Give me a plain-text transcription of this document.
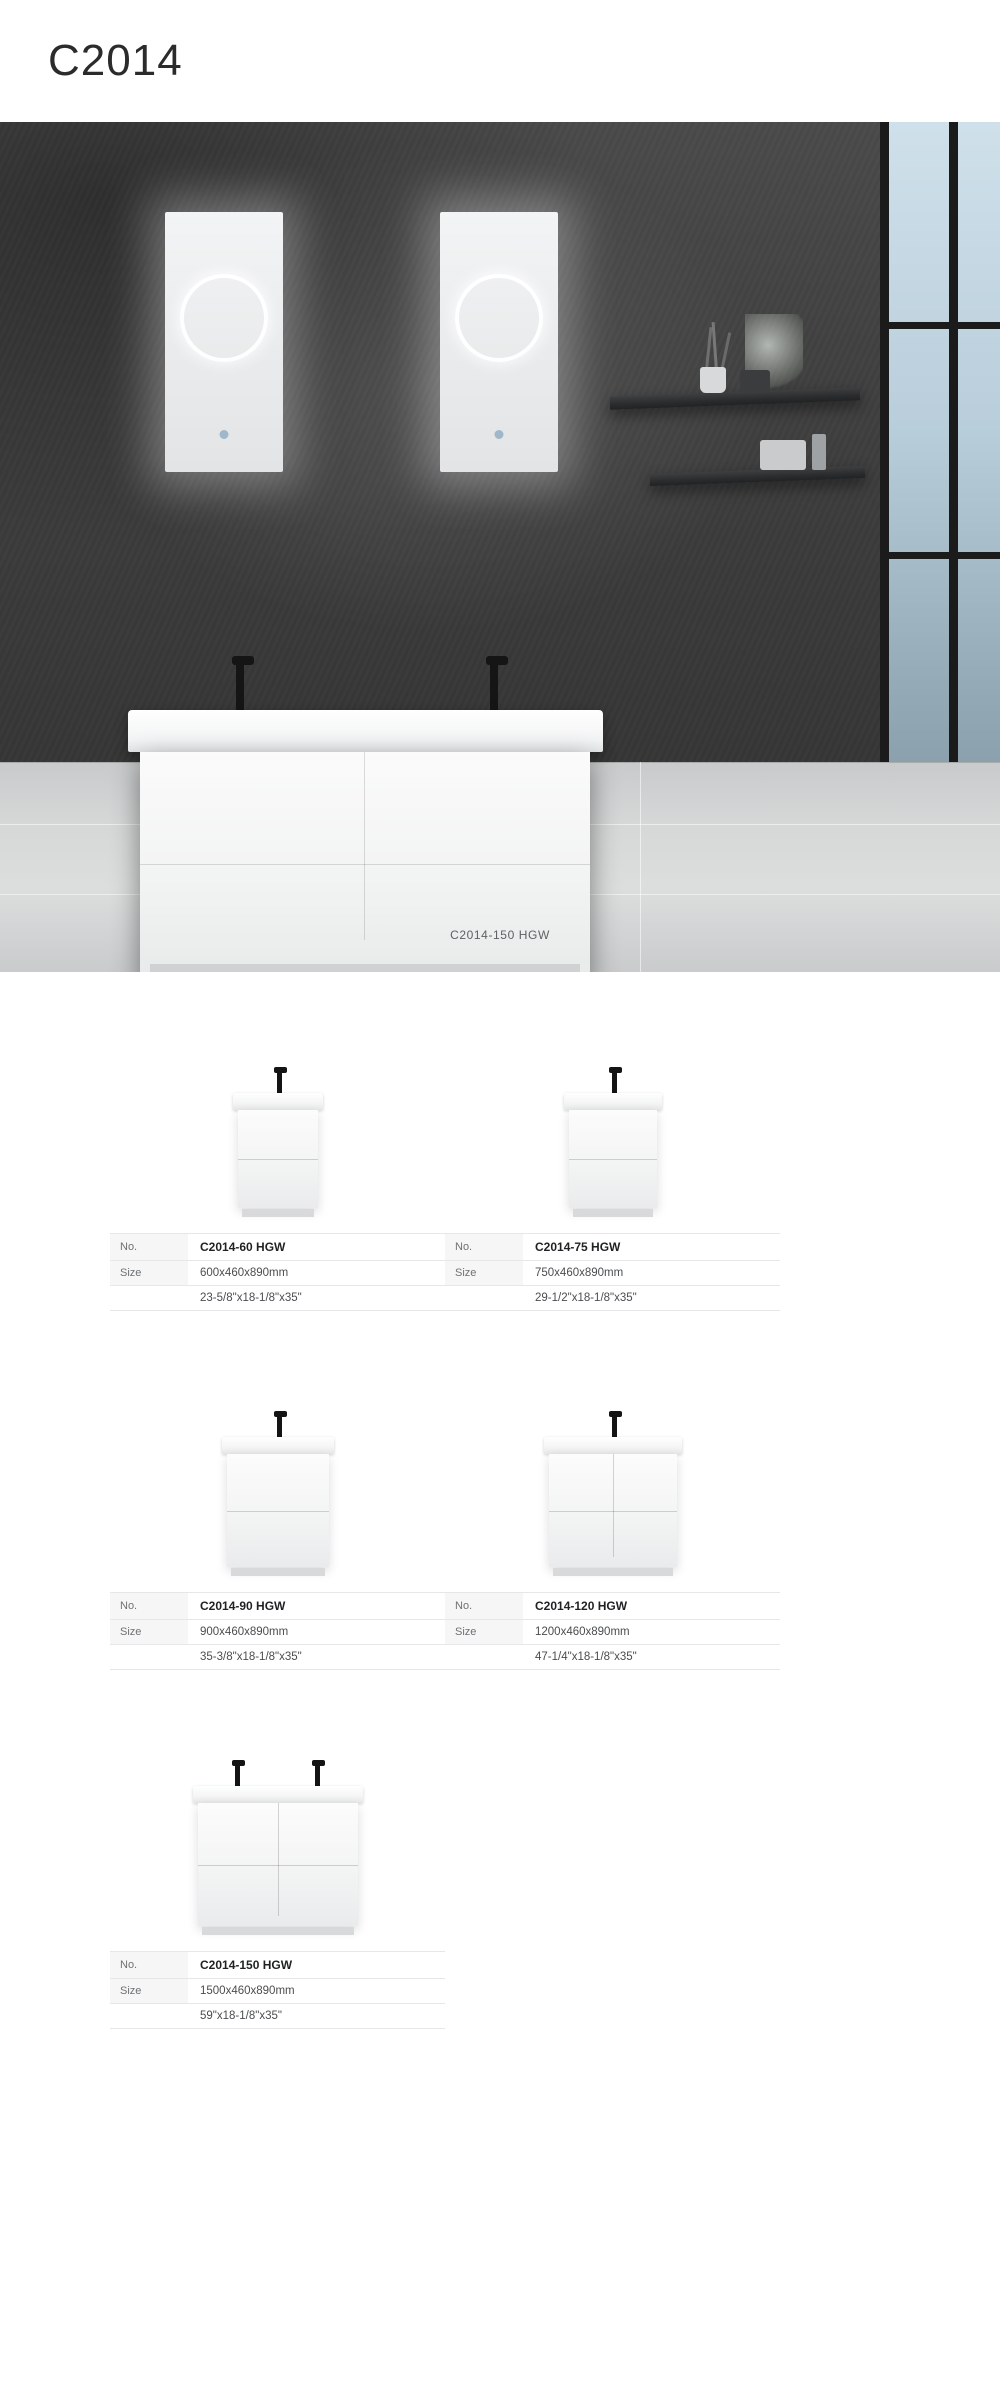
C2014
C2014-150 HGW
No.	C2014-60 HGW
Size	600x460x890mm
	23-5/8"x18-1/8"x35"
No.	C2014-75 HGW
Size	750x460x890mm
	29-1/2"x18-1/8"x35"
No.	C2014-90 HGW
Size	900x460x890mm
	35-3/8"x18-1/8"x35"
No.	C2014-120 HGW
Size	1200x460x890mm
	47-1/4"x18-1/8"x35"
No.	C2014-150 HGW
Size	1500x460x890mm
	59"x18-1/8"x35"
